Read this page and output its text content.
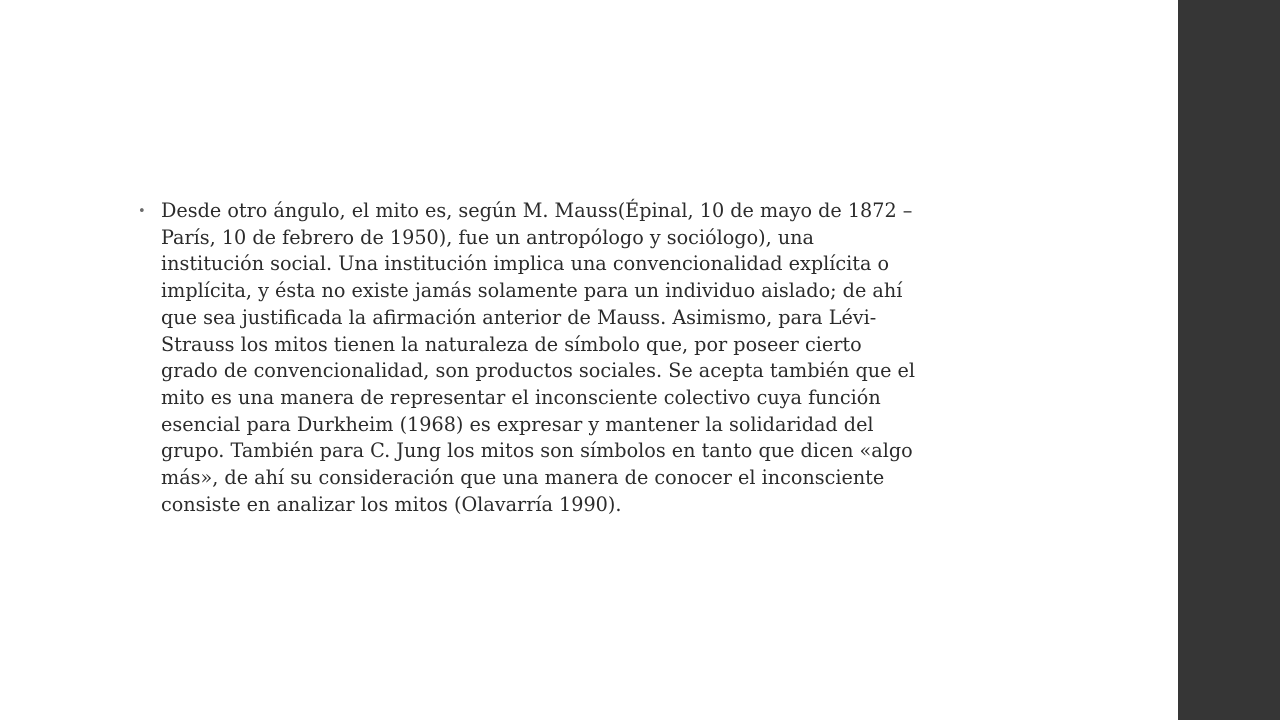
• Desde otro ángulo, el mito es, según M. Mauss(Épinal, 10 de mayo de 1872 –
París, 10 de febrero de 1950), fue un antropólogo y sociólogo), una
institución social. Una institución implica una convencionalidad explícita o
implícita, y ésta no existe jamás solamente para un individuo aislado; de ahí
que sea justificada la afirmación anterior de Mauss. Asimismo, para Lévi-
Strauss los mitos tienen la naturaleza de símbolo que, por poseer cierto
grado de convencionalidad, son productos sociales. Se acepta también que el
mito es una manera de representar el inconsciente colectivo cuya función
esencial para Durkheim (1968) es expresar y mantener la solidaridad del
grupo. También para C. Jung los mitos son símbolos en tanto que dicen «algo
más», de ahí su consideración que una manera de conocer el inconsciente
consiste en analizar los mitos (Olavarría 1990).
